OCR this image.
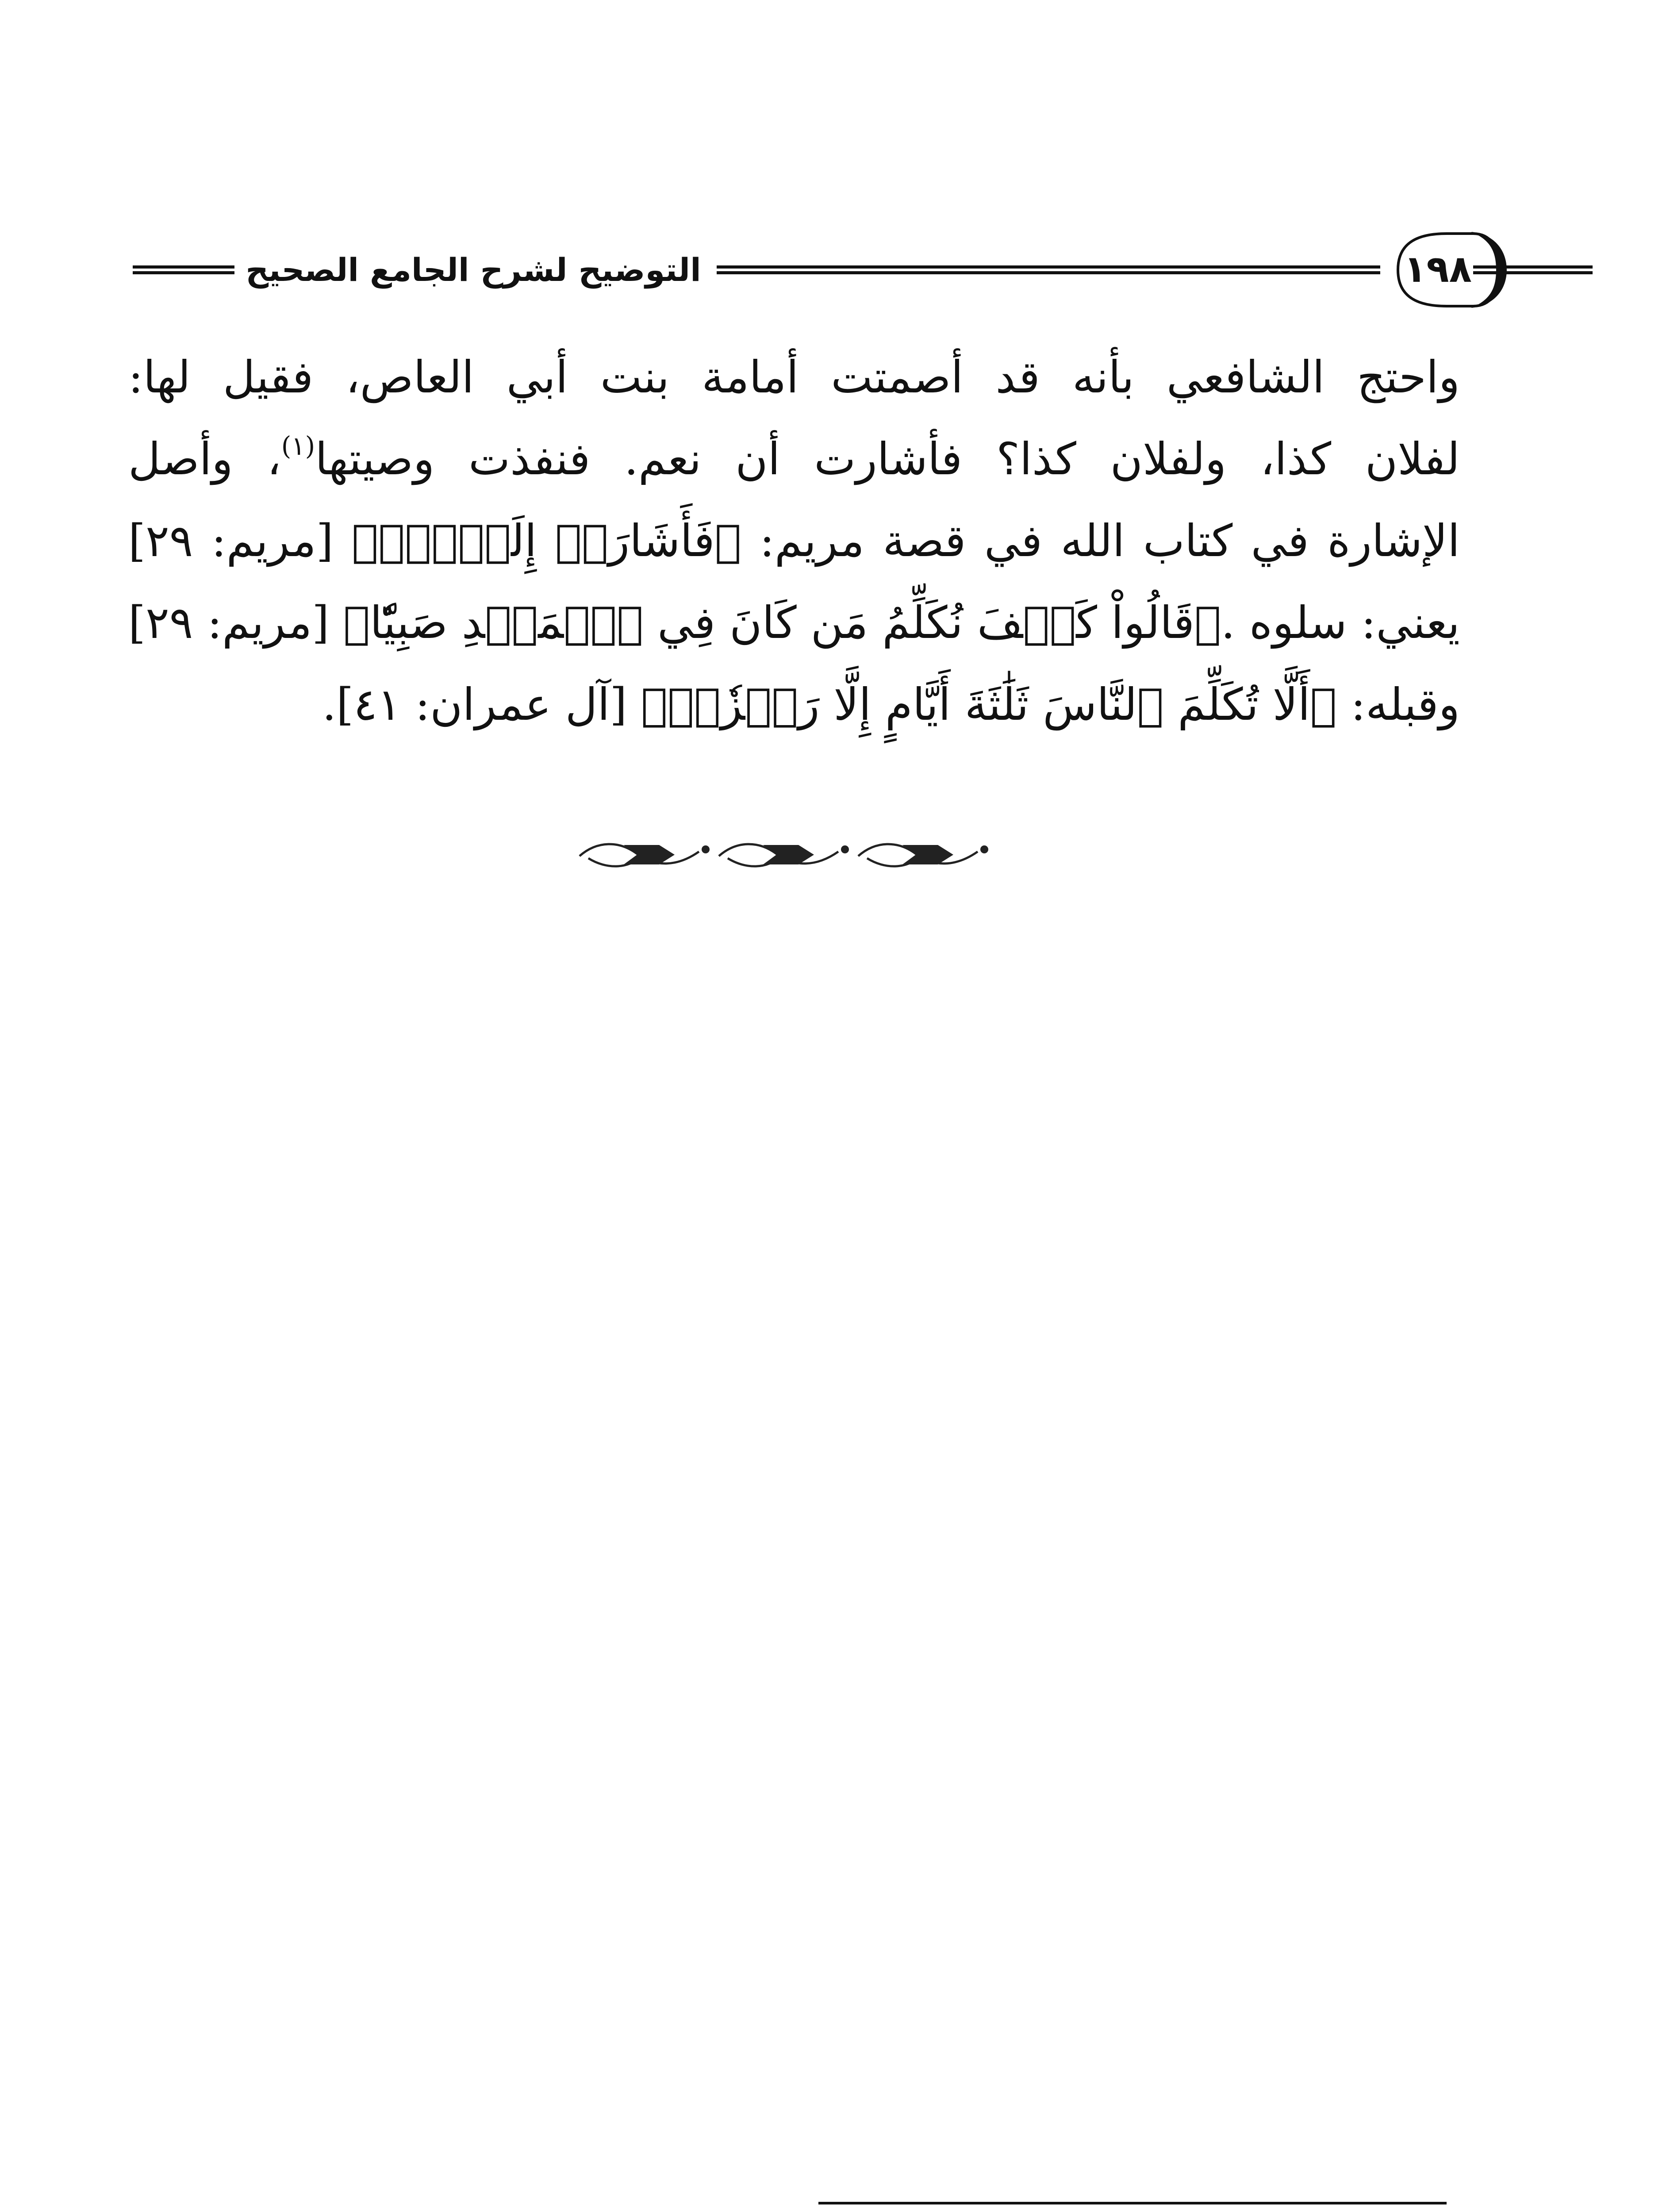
التوضيح لشرح الجامع الصحيح	١٩٨
واحتج الشافعي بأنه قد أصمتت أمامة بنت أبي العاص، فقيل لها:
لفلان كذا، ولفلان كذا؟ فأشارت أن نعم. فنفذت وصيتها$^{(١)}$، وأصل
الإشارة في كتاب الله في قصة مريم: ﴿فَأَشَارَتۡ إِلَيۡهِۖ﴾ [مريم: ٢٩]
يعني: سلوه .﴿قَالُواْ كَيۡفَ نُكَلِّمُ مَن كَانَ فِي ٱلۡمَهۡدِ صَبِيّٗا﴾ [مريم: ٢٩]
وقبله: ﴿أَلَّا تُكَلِّمَ ٱلنَّاسَ ثَلَٰثَةَ أَيَّامٍ إِلَّا رَمۡزٗاۗ﴾ [آل عمران: ٤١].
